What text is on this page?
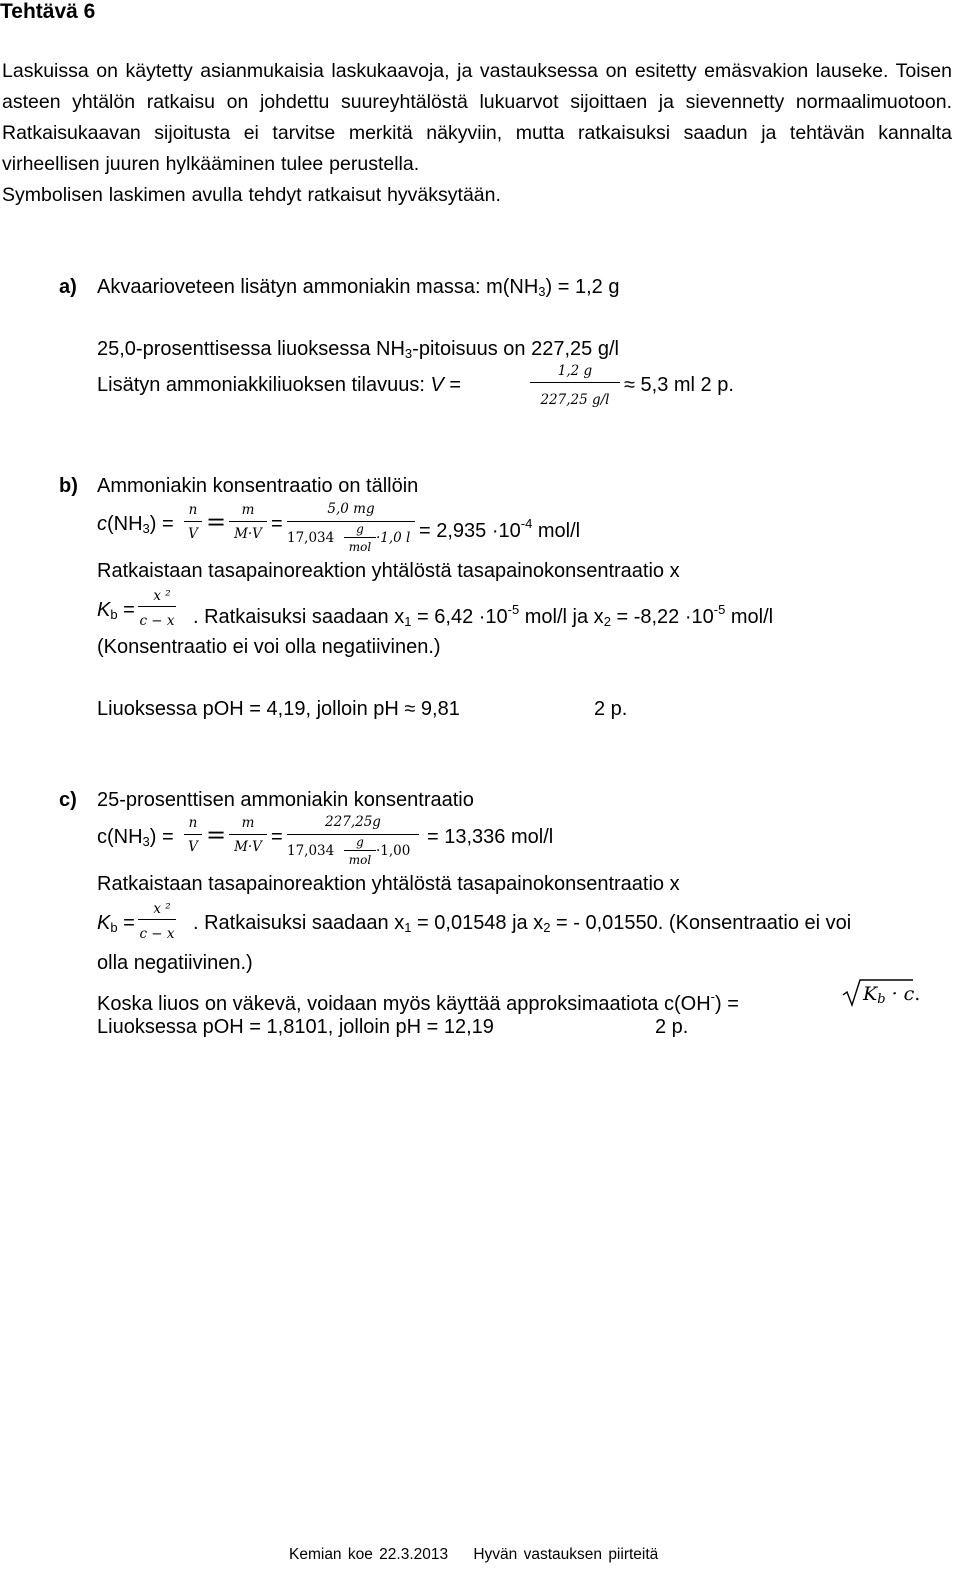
Tehtävä 6

Laskuissa on käytetty asianmukaisia laskukaavoja, ja vastauksessa on esitetty emäsvakion lauseke. Toisen asteen yhtälön ratkaisu on johdettu suureyhtälöstä lukuarvot sijoittaen ja sievennetty normaalimuotoon. Ratkaisukaavan sijoitusta ei tarvitse merkitä näkyviin, mutta ratkaisuksi saadun ja tehtävän kannalta virheellisen juuren hylkääminen tulee perustella.

Symbolisen laskimen avulla tehdyt ratkaisut hyväksytään.

a) Akvaarioveteen lisätyn ammoniakin massa: $m(NH_3) = 1,2$ g
25,0-prosenttisessa liuoksessa $NH_3$-pitoisuus on 227,25 g/l
Lisätyn ammoniakkiliuoksen tilavuus: V =
1,2 g
227,25 g/l
≈ 5,3 ml 2 p.
b) Ammoniakin konsentraatio on tällöin
$c(NH_3)$ =
n
V =	m
M·V =
5,0 mg
17,034
g
mol
·1,0 $l = 2,935 \cdot 10^{-4}$ mol/l
Ratkaistaan tasapainoreaktion yhtälöstä tasapainokonsentraatio x
$K_b$ =
x ²
c − x . Ratkaisuksi saadaan $x_1 = 6,42 \cdot 10^{-5}$ mol/l ja $x_2 = -8,22 \cdot 10^{-5}$ mol/l
(Konsentraatio ei voi olla negatiivinen.)
Liuoksessa pOH = 4,19, jolloin pH ≈ 9,81	2 p.
c) 25-prosenttisen ammoniakin konsentraatio
$c(NH_3)$ =
n
V =	m
M·V =
227,25g
17,034
g
mol
·1,00
= 13,336 mol/l
Ratkaistaan tasapainoreaktion yhtälöstä tasapainokonsentraatio x
$K_b$ =
x ²
c − x . Ratkaisuksi saadaan $x_1 = 0,01548$ ja $x_2$ = - 0,01550. (Konsentraatio ei voi
olla negatiivinen.)
Koska liuos on väkevä, voidaan myös käyttää approksimaatiota c(OH-) =	$K_b \cdot c$.
Liuoksessa pOH = 1,8101, jolloin pH = 12,19	2 p.
Kemian koe 22.3.2013 Hyvän vastauksen piirteitä
